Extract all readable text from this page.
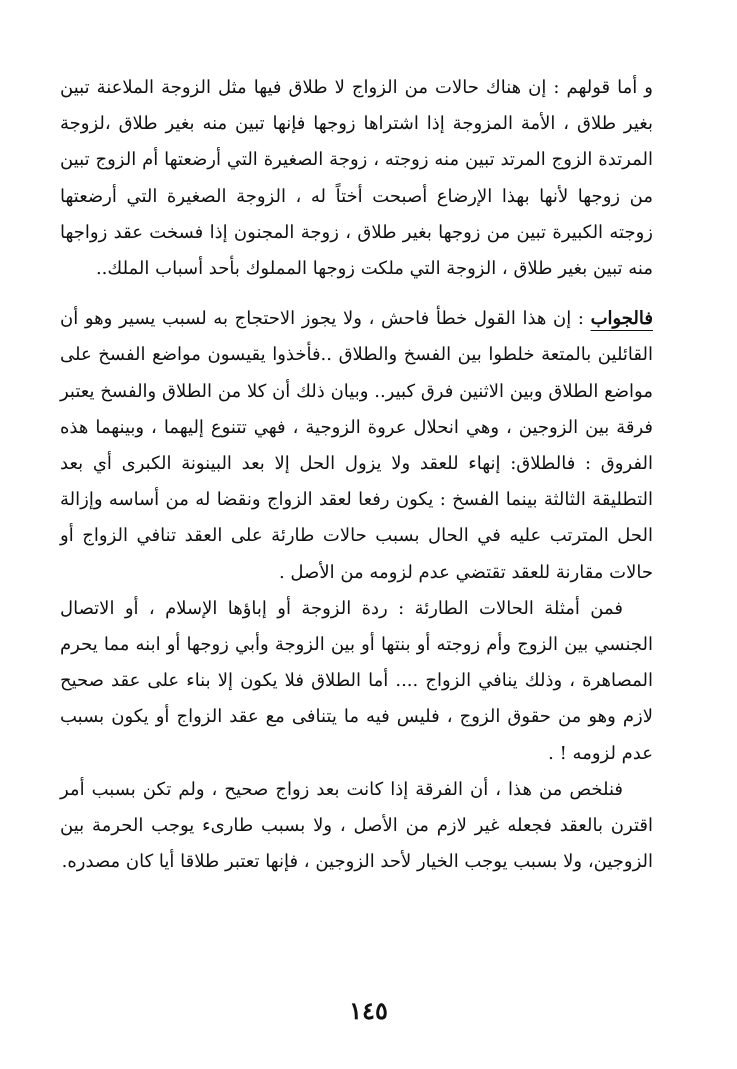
و أما قولهم : إن هناك حالات من الزواج لا طلاق فيها مثل الزوجة الملاعنة تبين بغير طلاق ، الأمة المزوجة إذا اشتراها زوجها فإنها تبين منه بغير طلاق ،لزوجة المرتدة الزوج المرتد تبين منه زوجته ، زوجة الصغيرة التي أرضعتها أم الزوج تبين من زوجها لأنها بهذا الإرضاع أصبحت أختاً له ، الزوجة الصغيرة التي أرضعتها زوجته الكبيرة تبين من زوجها بغير طلاق ، زوجة المجنون إذا فسخت عقد زواجها منه تبين بغير طلاق ، الزوجة التي ملكت زوجها المملوك بأحد أسباب الملك..

فالجواب : إن هذا القول خطأ فاحش ، ولا يجوز الاحتجاج به لسبب يسير وهو أن القائلين بالمتعة خلطوا بين الفسخ والطلاق ..فأخذوا يقيسون مواضع الفسخ على مواضع الطلاق وبين الاثنين فرق كبير.. وبيان ذلك أن كلا من الطلاق والفسخ يعتبر فرقة بين الزوجين ، وهي انحلال عروة الزوجية ، فهي تتنوع إليهما ، وبينهما هذه الفروق : فالطلاق: إنهاء للعقد ولا يزول الحل إلا بعد البينونة الكبرى أي بعد التطليقة الثالثة بينما الفسخ : يكون رفعا لعقد الزواج ونقضا له من أساسه وإزالة الحل المترتب عليه في الحال بسبب حالات طارئة على العقد تنافي الزواج أو حالات مقارنة للعقد تقتضي عدم لزومه من الأصل .

فمن أمثلة الحالات الطارئة : ردة الزوجة أو إباؤها الإسلام ، أو الاتصال الجنسي بين الزوج وأم زوجته أو بنتها أو بين الزوجة وأبي زوجها أو ابنه مما يحرم المصاهرة ، وذلك ينافي الزواج .... أما الطلاق فلا يكون إلا بناء على عقد صحيح لازم وهو من حقوق الزوج ، فليس فيه ما يتنافى مع عقد الزواج أو يكون بسبب عدم لزومه ! .

فنلخص من هذا ، أن الفرقة إذا كانت بعد زواج صحيح ، ولم تكن بسبب أمر اقترن بالعقد فجعله غير لازم من الأصل ، ولا بسبب طارىء يوجب الحرمة بين الزوجين، ولا بسبب يوجب الخيار لأحد الزوجين ، فإنها تعتبر طلاقا أيا كان مصدره.

١٤٥
